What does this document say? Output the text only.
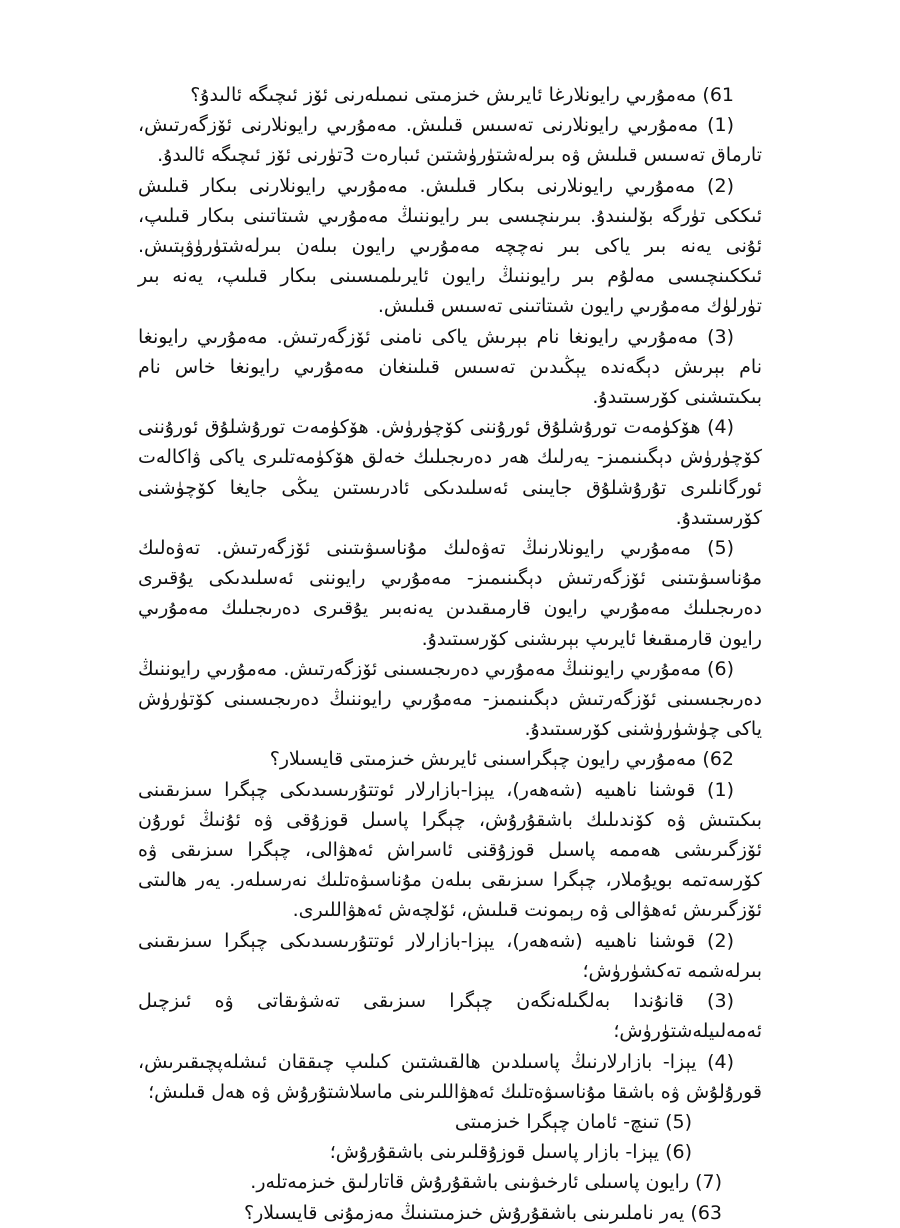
61) مەمۇرىي رايونلارغا ئايرىش خىزمىتى نىمىلەرنى ئۆز ئىچىگە ئالىدۇ؟

(1) مەمۇرىي رايونلارنى تەسىس قىلىش. مەمۇرىي رايونلارنى ئۆزگەرتىش، تارماق تەسىس قىلىش ۋە بىرلەشتۈرۈشتىن ئىبارەت 3تۈرنى ئۆز ئىچىگە ئالىدۇ.

(2) مەمۇرىي رايونلارنى بىكار قىلىش. مەمۇرىي رايونلارنى بىكار قىلىش ئىككى تۈرگە بۆلىنىدۇ. بىرىنچىسى بىر رايوننىڭ مەمۇرىي شىتاتىنى بىكار قىلىپ، ئۇنى يەنە بىر ياكى بىر نەچچە مەمۇرىي رايون بىلەن بىرلەشتۈرۈۋېتىش. ئىككىنچىسى مەلۇم بىر رايوننىڭ رايون ئايرىلمىسىنى بىكار قىلىپ، يەنە بىر تۈرلۈك مەمۇرىي رايون شىتاتىنى تەسىس قىلىش.

(3) مەمۇرىي رايونغا نام بېرىش ياكى نامنى ئۆزگەرتىش. مەمۇرىي رايونغا نام بېرىش دېگەندە يېڭىدىن تەسىس قىلىنغان مەمۇرىي رايونغا خاس نام بىكىتىشنى كۆرسىتىدۇ.

(4) ھۆكۈمەت تورۇشلۇق ئورۇننى كۆچۈرۈش. ھۆكۈمەت تورۇشلۇق ئورۇننى كۆچۈرۈش دېگىنىمىز- يەرلىك ھەر دەرىجىلىك خەلق ھۆكۈمەتلىرى ياكى ۋاكالەت ئورگانلىرى تۇرۇشلۇق جايىنى ئەسلىدىكى ئادرىستىن يىڭى جايغا كۆچۈشنى كۆرسىتىدۇ.

(5) مەمۇرىي رايونلارنىڭ تەۋەلىك مۇناسىۋىتىنى ئۆزگەرتىش. تەۋەلىك مۇناسىۋىتىنى ئۆزگەرتىش دېگىنىمىز- مەمۇرىي رايوننى ئەسلىدىكى يۇقىرى دەرىجىلىك مەمۇرىي رايون قارمىقىدىن يەنەبىر يۇقىرى دەرىجىلىك مەمۇرىي رايون قارمىقىغا ئايرىپ بېرىشنى كۆرسىتىدۇ.

(6) مەمۇرىي رايوننىڭ مەمۇرىي دەرىجىسىنى ئۆزگەرتىش. مەمۇرىي رايوننىڭ دەرىجىسىنى ئۆزگەرتىش دېگىنىمىز- مەمۇرىي رايوننىڭ دەرىجىسىنى كۆتۈرۈش ياكى چۈشۈرۈشنى كۆرسىتىدۇ.

62) مەمۇرىي رايون چېگراسىنى ئايرىش خىزمىتى قايسىلار؟

(1) قوشنا ناھىيە (شەھەر)، يېزا-بازارلار ئوتتۇرىسىدىكى چېگرا سىزىقىنى بىكىتىش ۋە كۆندىلىك باشقۇرۇش، چېگرا پاسىل قوزۇقى ۋە ئۇنىڭ ئورۇن ئۆزگىرىشى ھەممە پاسىل قوزۇقنى ئاسراش ئەھۋالى، چېگرا سىزىقى ۋە كۆرسەتمە بويۇملار، چېگرا سىزىقى بىلەن مۇناسىۋەتلىك نەرسىلەر. يەر ھالىتى ئۆزگىرىش ئەھۋالى ۋە رېمونت قىلىش، ئۆلچەش ئەھۋاللىرى.

(2) قوشنا ناھىيە (شەھەر)، يېزا-بازارلار ئوتتۇرىسىدىكى چېگرا سىزىقىنى بىرلەشمە تەكشۈرۈش؛

(3) قانۇندا بەلگىلەنگەن چېگرا سىزىقى تەشۋىقاتى ۋە ئىزچىل ئەمەلىيلەشتۈرۈش؛

(4) يېزا- بازارلارنىڭ پاسىلدىن ھالقىشتىن كىلىپ چىققان ئىشلەپچىقىرىش، قورۇلۇش ۋە باشقا مۇناسىۋەتلىك ئەھۋاللىرىنى ماسلاشتۇرۇش ۋە ھەل قىلىش؛

(5) تىنچ- ئامان چېگرا خىزمىتى

(6) يېزا- بازار پاسىل قوزۇقلىرىنى باشقۇرۇش؛

(7) رايون پاسىلى ئارخىۋىنى باشقۇرۇش قاتارلىق خىزمەتلەر.

63) يەر ناملىرىنى باشقۇرۇش خىزمىتىنىڭ مەزمۇنى قايسىلار؟
